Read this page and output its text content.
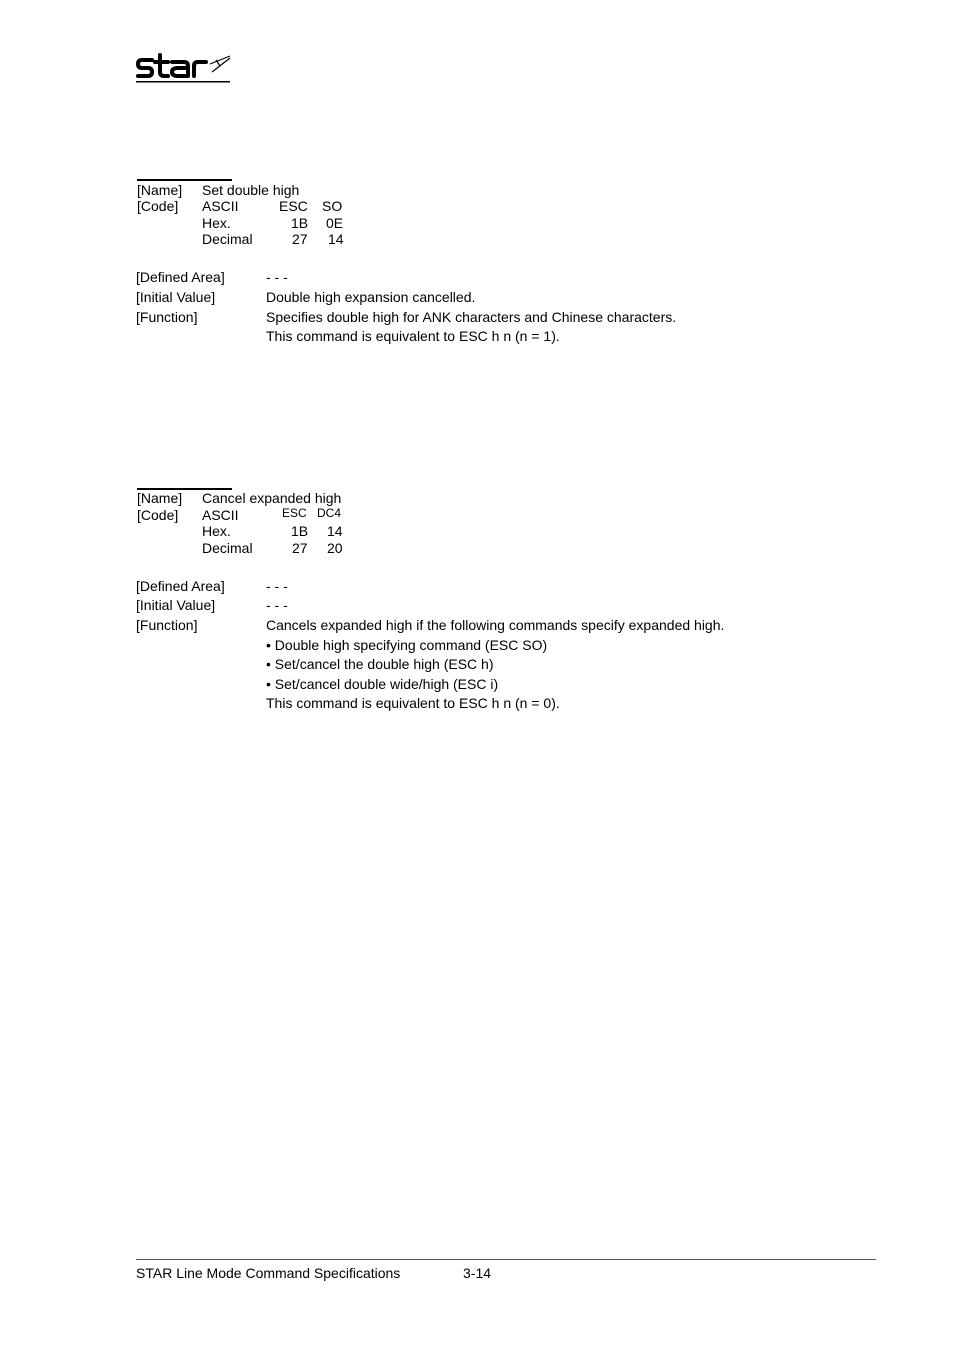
[Name] Set double high
[Code] ASCII	ESC SO
Hex.	1B 0E
Decimal	27 14
[Defined Area]	- - -
[Initial Value]	Double high expansion cancelled.
[Function]	Specifies double high for ANK characters and Chinese characters.
This command is equivalent to ESC h n (n = 1).
[Name] Cancel expanded high
[Code] ASCII	ESC DC4
Hex.	1B 14
Decimal	27 20
[Defined Area]	- - -
[Initial Value]	- - -
[Function]	Cancels expanded high if the following commands specify expanded high.
• Double high specifying command (ESC SO)
• Set/cancel the double high (ESC h)
• Set/cancel double wide/high (ESC i)
This command is equivalent to ESC h n (n = 0).
STAR Line Mode Command Specifications	3-14
